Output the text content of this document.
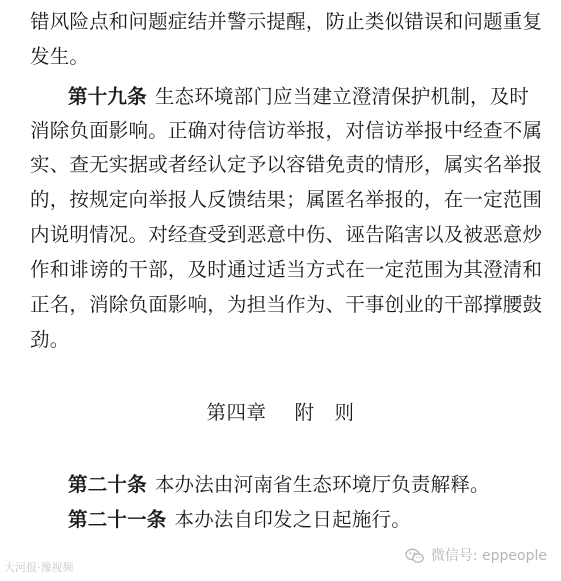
错风险点和问题症结并警示提醒，防止类似错误和问题重复
发生。
第十九条 生态环境部门应当建立澄清保护机制，及时
消除负面影响。正确对待信访举报，对信访举报中经查不属
实、查无实据或者经认定予以容错免责的情形，属实名举报
的，按规定向举报人反馈结果；属匿名举报的，在一定范围
内说明情况。对经查受到恶意中伤、诬告陷害以及被恶意炒
作和诽谤的干部，及时通过适当方式在一定范围为其澄清和
正名，消除负面影响，为担当作为、干事创业的干部撑腰鼓
劲。
第四章 附　则
第二十条 本办法由河南省生态环境厅负责解释。
第二十一条 本办法自印发之日起施行。
大河报·豫视频
微信号: eppeople
